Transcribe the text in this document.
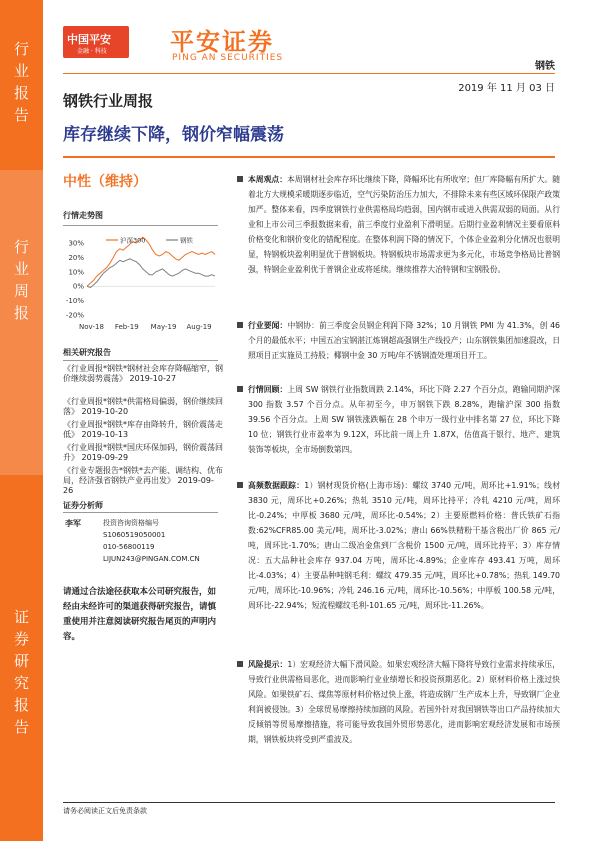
行
业
报
告
行
业
周
报
证
券
研
究
报
告
中国平安
金融 · 科技	平安证券
PING AN SECURITIES
钢铁
2019 年 11 月 03 日
钢铁行业周报
库存继续下降，钢价窄幅震荡
中性（维持）
行情走势图
30%
20%
10%
0%
-10%
-20%
Nov-18 Feb-19 May-19 Aug-19
沪深300	钢铁
相关研究报告
《行业周报*钢铁*钢材社会库存降幅缩窄，钢价继续弱势震荡》 2019-10-27
《行业周报*钢铁*供需格局偏弱，钢价继续回落》 2019-10-20
《行业周报*钢铁*库存由降转升，钢价震荡走低》 2019-10-13
《行业周报*钢铁*国庆环保加码，钢价震荡回升》 2019-09-29
《行业专题报告*钢铁*去产能、调结构、优布局，经济强省钢铁产业再出发》 2019-09-26
证券分析师
李军	投资咨询资格编号
S1060519050001
010-56800119
LIJUN243@PINGAN.COM.CN
请通过合法途径获取本公司研究报告，如经由未经许可的渠道获得研究报告，请慎重使用并注意阅读研究报告尾页的声明内容。
本周观点：本周钢材社会库存环比继续下降，降幅环比有所收窄；但厂库降幅有所扩大。随着北方大规模采暖期逐步临近，空气污染防治压力加大，不排除未来有些区域环保限产政策加严。整体来看，四季度钢铁行业供需格局均趋弱，国内钢市或进入供需双弱的局面。从行业和上市公司三季报数据来看，前三季度行业盈利下滑明显。后期行业盈利情况主要看原料价格变化和钢价变化的错配程度。在整体利润下降的情况下，个体企业盈利分化情况也很明显，特钢板块盈利明显优于普钢板块。特钢板块市场需求更为多元化，市场竞争格局比普钢强，特钢企业盈利优于普钢企业或将延续。继续推荐大冶特钢和宝钢股份。
行业要闻：中钢协：前三季度会员钢企利润下降 32%；10 月钢铁 PMI 为 41.3%，创 46 个月的最低水平；中国五冶宝钢湛江炼钢超高强钢生产线投产；山东钢铁集团加速混改，日照项目正实施员工持股；椰钢中金 30 万吨/年不锈钢渣处理项目开工。
行情回顾：上周 SW 钢铁行业指数周跌 2.14%，环比下降 2.27 个百分点，跑输同期沪深 300 指数 3.57 个百分点。从年初至今，申万钢铁下跌 8.28%，跑输沪深 300 指数 39.56 个百分点。上周 SW 钢铁涨跌幅在 28 个申万一级行业中排名第 27 位，环比下降 10 位；钢铁行业市盈率为 9.12X，环比前一周上升 1.87X，估值高于银行、地产、建筑装饰等板块，全市场倒数第四。
高频数据跟踪：1）钢材现货价格(上海市场)：螺纹 3740 元/吨，周环比+1.91%；线材 3830 元，周环比+0.26%；热轧 3510 元/吨，周环比持平；冷轧 4210 元/吨，周环比-0.24%；中厚板 3680 元/吨，周环比-0.54%；2）主要原燃料价格：普氏铁矿石指数:62%CFR85.00 美元/吨，周环比-3.02%；唐山 66%铁精粉干基含税出厂价 865 元/吨，周环比-1.70%；唐山二级冶金焦到厂含税价 1500 元/吨，周环比持平；3）库存情况：五大品种社会库存 937.04 万吨，周环比-4.89%；企业库存 493.41 万吨，周环比-4.03%；4）主要品种吨钢毛利：螺纹 479.35 元/吨，周环比+0.78%；热轧 149.70 元/吨，周环比-10.96%；冷轧 246.16 元/吨，周环比-10.56%；中厚板 100.58 元/吨，周环比-22.94%；短流程螺纹毛利-101.65 元/吨，周环比-11.26%。
风险提示：1）宏观经济大幅下滑风险。如果宏观经济大幅下降将导致行业需求持续承压，导致行业供需格局恶化，进而影响行业业绩增长和投资预期恶化。2）原材料价格上涨过快风险。如果铁矿石、煤焦等原材料价格过快上涨，将造成钢厂生产成本上升，导致钢厂企业利润被侵蚀。3）全球贸易摩擦持续加剧的风险。若国外针对我国钢铁等出口产品持续加大反倾销等贸易摩擦措施，将可能导致我国外贸形势恶化，进而影响宏观经济发展和市场预期，钢铁板块将受到严重波及。
请务必阅读正文后免责条款
